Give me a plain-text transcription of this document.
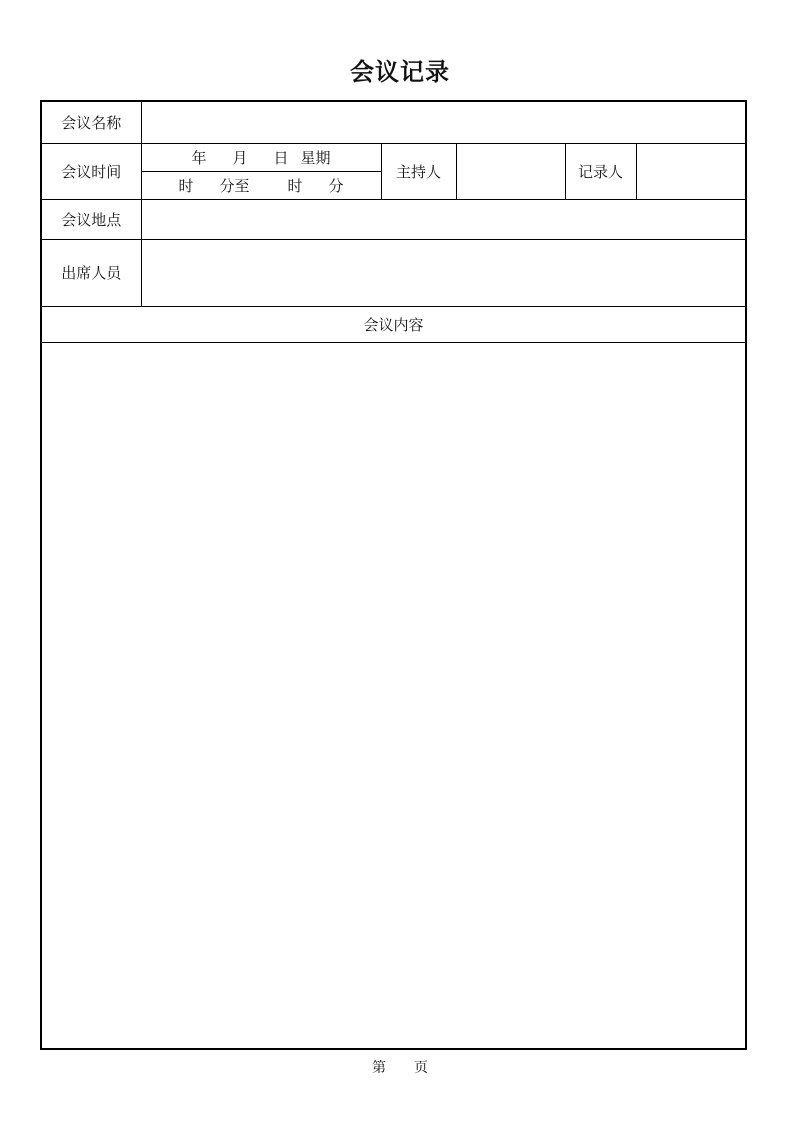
会议记录
会议名称					
会议时间	年 月 日 星期	主持人		记录人	
	时 分至 时 分				
会议地点					
出席人员					
会议内容					

第 页
